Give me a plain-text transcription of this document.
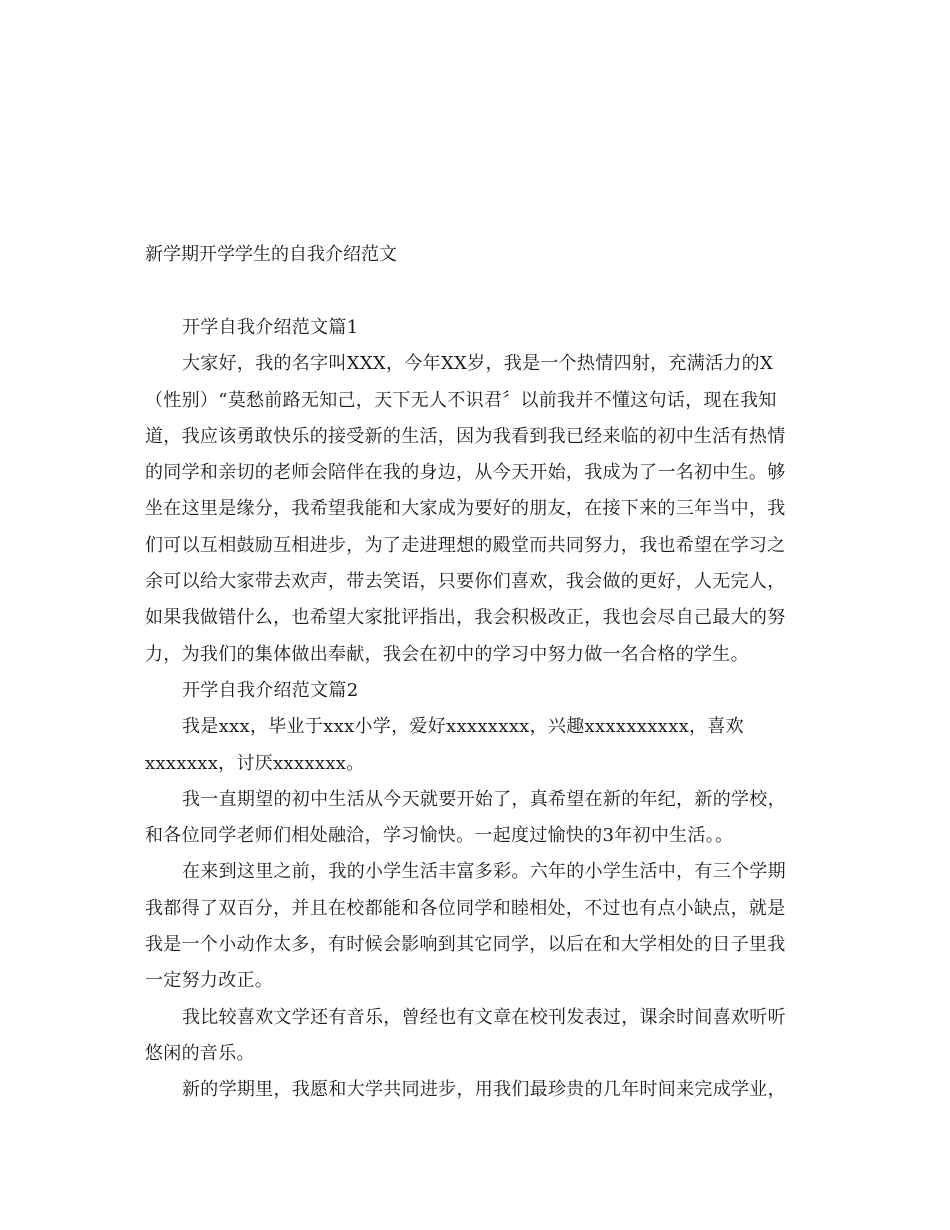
新学期开学学生的自我介绍范文

开学自我介绍范文篇1

大家好，我的名字叫XXX，今年XX岁，我是一个热情四射，充满活力的X

（性别）“莫愁前路无知己，天下无人不识君〞以前我并不懂这句话，现在我知

道，我应该勇敢快乐的接受新的生活，因为我看到我已经来临的初中生活有热情

的同学和亲切的老师会陪伴在我的身边，从今天开始，我成为了一名初中生。够

坐在这里是缘分，我希望我能和大家成为要好的朋友，在接下来的三年当中，我

们可以互相鼓励互相进步，为了走进理想的殿堂而共同努力，我也希望在学习之

余可以给大家带去欢声，带去笑语，只要你们喜欢，我会做的更好，人无完人，

如果我做错什么，也希望大家批评指出，我会积极改正，我也会尽自己最大的努

力，为我们的集体做出奉献，我会在初中的学习中努力做一名合格的学生。

开学自我介绍范文篇2

我是xxx，毕业于xxx小学，爱好xxxxxxxx，兴趣xxxxxxxxxx，喜欢

xxxxxxx，讨厌xxxxxxx。

我一直期望的初中生活从今天就要开始了，真希望在新的年纪，新的学校，

和各位同学老师们相处融洽，学习愉快。一起度过愉快的3年初中生活。。

在来到这里之前，我的小学生活丰富多彩。六年的小学生活中，有三个学期

我都得了双百分，并且在校都能和各位同学和睦相处，不过也有点小缺点，就是

我是一个小动作太多，有时候会影响到其它同学，以后在和大学相处的日子里我

一定努力改正。

我比较喜欢文学还有音乐，曾经也有文章在校刊发表过，课余时间喜欢听听

悠闲的音乐。

新的学期里，我愿和大学共同进步，用我们最珍贵的几年时间来完成学业，
